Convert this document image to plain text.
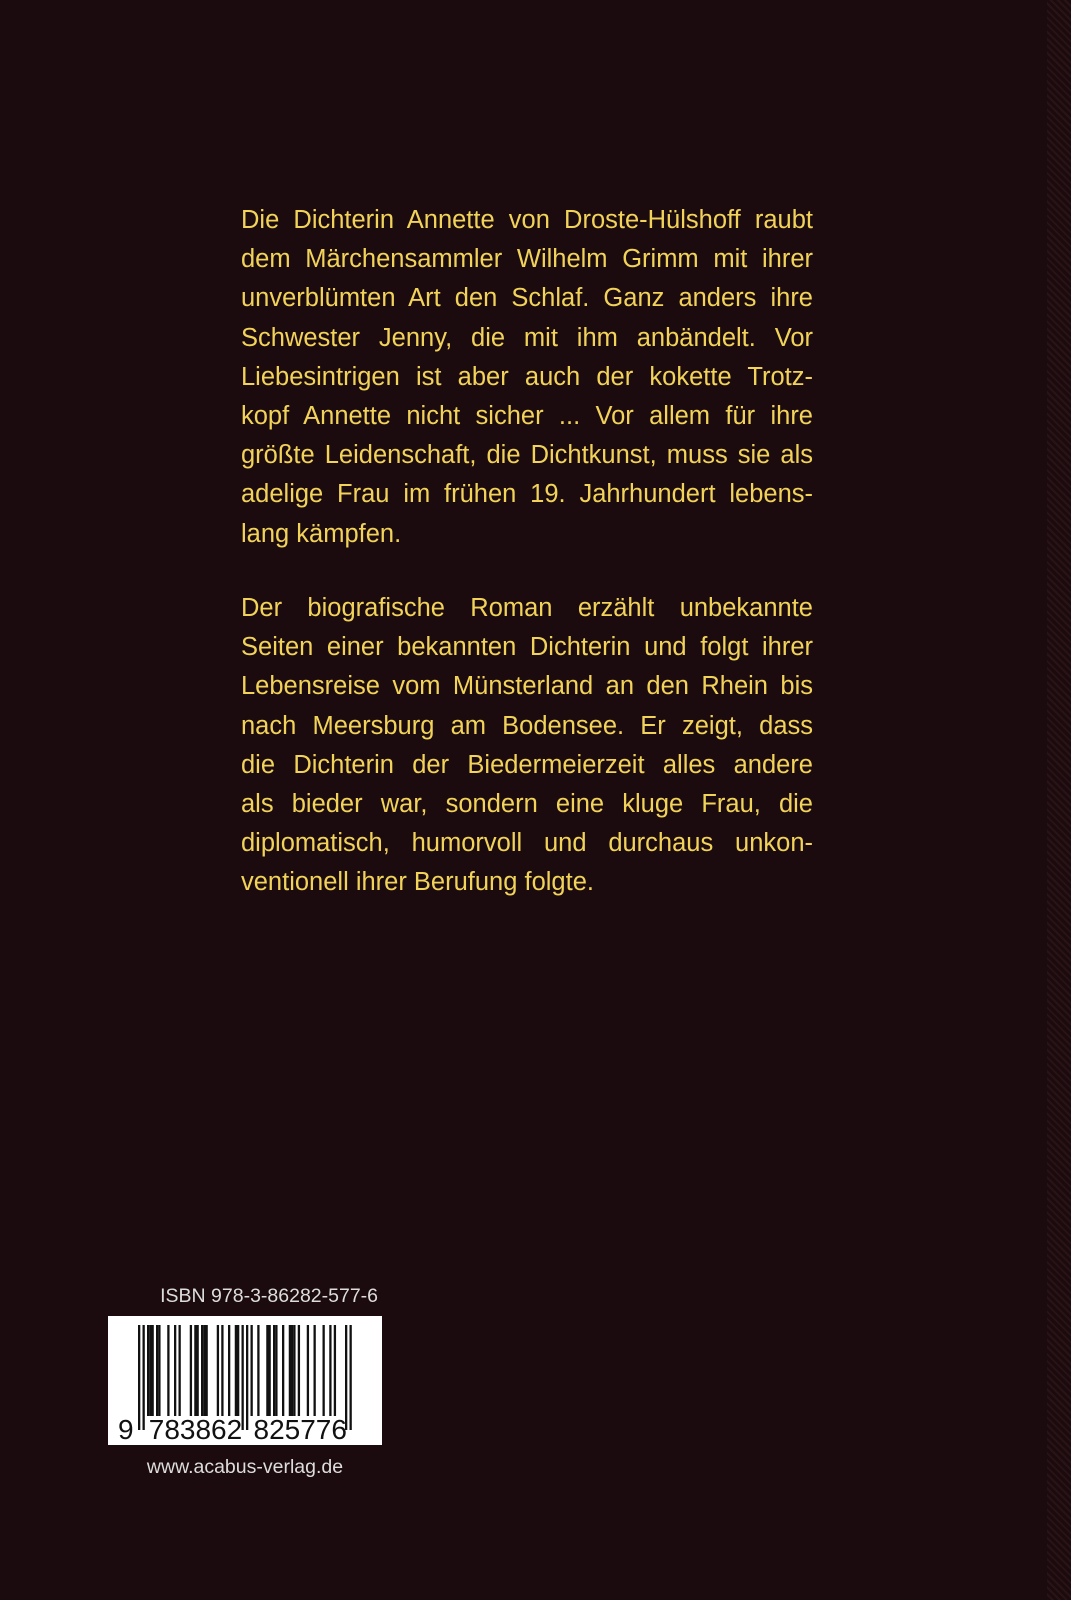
Die Dichterin Annette von Droste-Hülshoff raubt
dem Märchensammler Wilhelm Grimm mit ihrer
unverblümten Art den Schlaf. Ganz anders ihre
Schwester Jenny, die mit ihm anbändelt. Vor
Liebesintrigen ist aber auch der kokette Trotz-
kopf Annette nicht sicher ... Vor allem für ihre
größte Leidenschaft, die Dichtkunst, muss sie als
adelige Frau im frühen 19. Jahrhundert lebens-
lang kämpfen.
Der biografische Roman erzählt unbekannte
Seiten einer bekannten Dichterin und folgt ihrer
Lebensreise vom Münsterland an den Rhein bis
nach Meersburg am Bodensee. Er zeigt, dass
die Dichterin der Biedermeierzeit alles andere
als bieder war, sondern eine kluge Frau, die
diplomatisch, humorvoll und durchaus unkon-
ventionell ihrer Berufung folgte.
ISBN 978-3-86282-577-6
9 783862 825776
www.acabus-verlag.de
